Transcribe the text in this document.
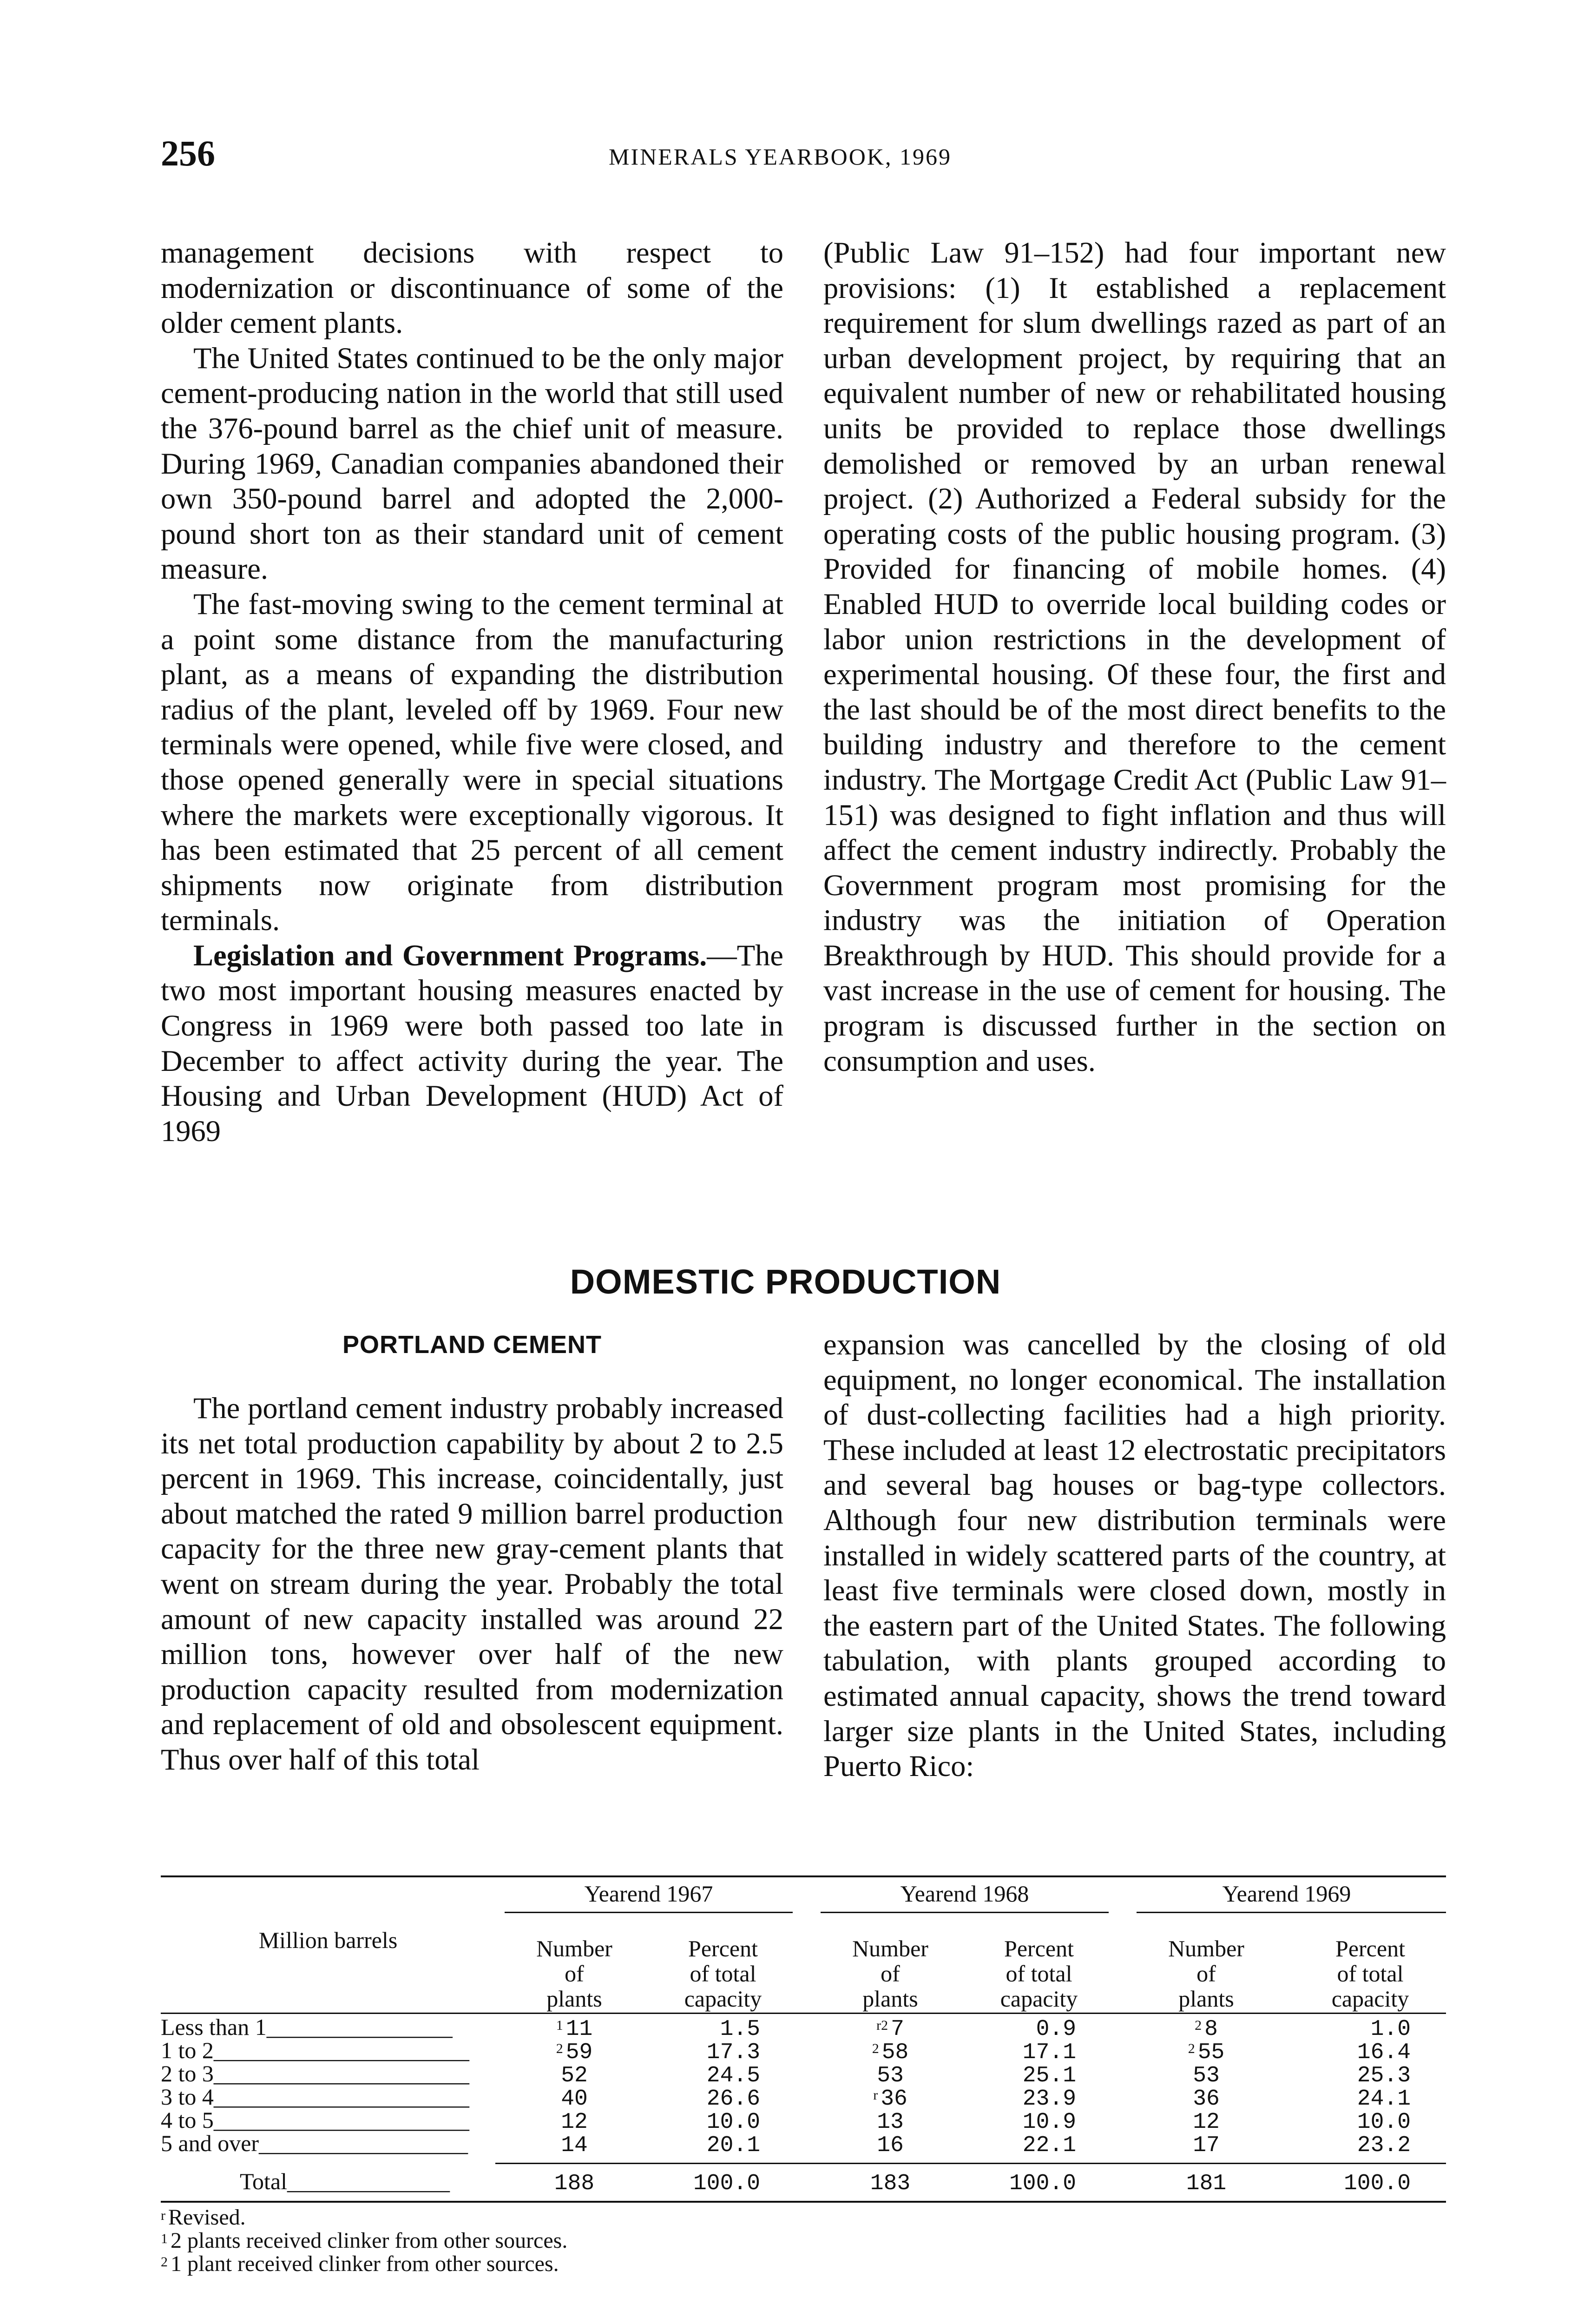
256	MINERALS YEARBOOK, 1969

management decisions with respect to modernization or discontinuance of some of the older cement plants.

The United States continued to be the only major cement-producing nation in the world that still used the 376-pound barrel as the chief unit of measure. During 1969, Canadian companies abandoned their own 350-pound barrel and adopted the 2,000-pound short ton as their standard unit of cement measure.

The fast-moving swing to the cement terminal at a point some distance from the manufacturing plant, as a means of expanding the distribution radius of the plant, leveled off by 1969. Four new terminals were opened, while five were closed, and those opened generally were in special situations where the markets were exceptionally vigorous. It has been estimated that 25 percent of all cement shipments now originate from distribution terminals.

Legislation and Government Programs.—The two most important housing measures enacted by Congress in 1969 were both passed too late in December to affect activity during the year. The Housing and Urban Development (HUD) Act of 1969

(Public Law 91–152) had four important new provisions: (1) It established a replacement requirement for slum dwellings razed as part of an urban development project, by requiring that an equivalent number of new or rehabilitated housing units be provided to replace those dwellings demolished or removed by an urban renewal project. (2) Authorized a Federal subsidy for the operating costs of the public housing program. (3) Provided for financing of mobile homes. (4) Enabled HUD to override local building codes or labor union restrictions in the development of experimental housing. Of these four, the first and the last should be of the most direct benefits to the building industry and therefore to the cement industry. The Mortgage Credit Act (Public Law 91–151) was designed to fight inflation and thus will affect the cement industry indirectly. Probably the Government program most promising for the industry was the initiation of Operation Breakthrough by HUD. This should provide for a vast increase in the use of cement for housing. The program is discussed further in the section on consumption and uses.

DOMESTIC PRODUCTION
PORTLAND CEMENT

The portland cement industry probably increased its net total production capability by about 2 to 2.5 percent in 1969. This increase, coincidentally, just about matched the rated 9 million barrel production capacity for the three new gray-cement plants that went on stream during the year. Probably the total amount of new capacity installed was around 22 million tons, however over half of the new production capacity resulted from modernization and replacement of old and obsolescent equipment. Thus over half of this total

expansion was cancelled by the closing of old equipment, no longer economical. The installation of dust-collecting facilities had a high priority. These included at least 12 electrostatic precipitators and several bag houses or bag-type collectors. Although four new distribution terminals were installed in widely scattered parts of the country, at least five terminals were closed down, mostly in the eastern part of the United States. The following tabulation, with plants grouped according to estimated annual capacity, shows the trend toward larger size plants in the United States, including Puerto Rico:

Million barrels
Yearend 1967	Yearend 1968	Yearend 1969
Number
of
plants
Percent
of total
capacity
Number
of
plants
Percent
of total
capacity
Number
of
plants
Percent
of total
capacity
Less than 1________________	$^1$ 11	1.5	$^{r2}$ 7	0.9	$^2$ 8	1.0
1 to 2______________________	$^2$ 59	17.3	$^2$ 58	17.1	$^2$ 55	16.4
2 to 3______________________	52	24.5	53	25.1	53	25.3
3 to 4______________________	40	26.6	$^r$ 36	23.9	36	24.1
4 to 5______________________	12	10.0	13	10.9	12	10.0
5 and over__________________	14	20.1	16	22.1	17	23.2
Total______________	188	100.0	183	100.0	181	100.0
$^r$ Revised.
$^1$ 2 plants received clinker from other sources.
$^2$ 1 plant received clinker from other sources.
